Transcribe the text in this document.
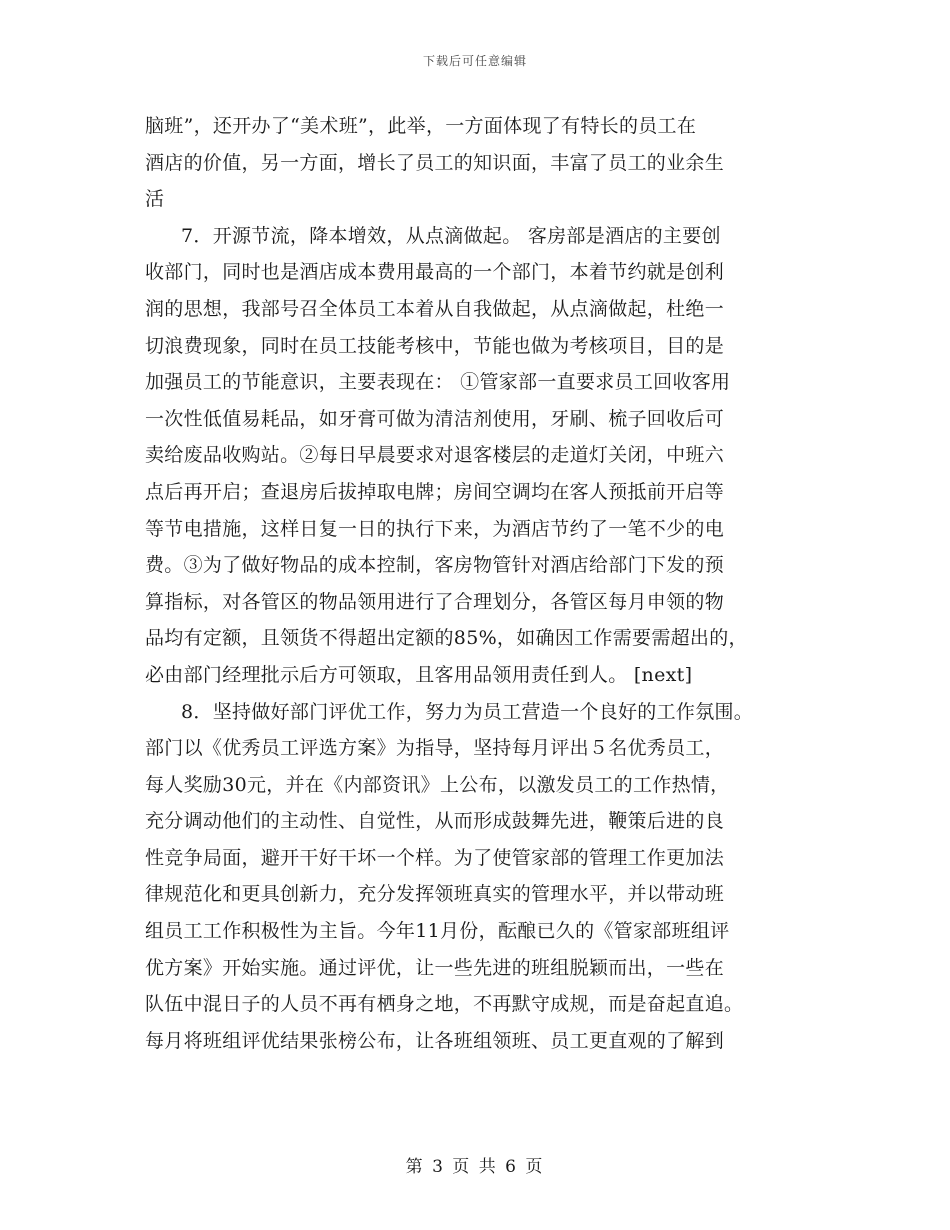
下载后可任意编辑
脑班”，还开办了“美术班”，此举，一方面体现了有特长的员工在
酒店的价值，另一方面，增长了员工的知识面，丰富了员工的业余生
活
7．开源节流，降本增效，从点滴做起。 客房部是酒店的主要创
收部门，同时也是酒店成本费用最高的一个部门，本着节约就是创利
润的思想，我部号召全体员工本着从自我做起，从点滴做起，杜绝一
切浪费现象，同时在员工技能考核中，节能也做为考核项目，目的是
加强员工的节能意识，主要表现在： ①管家部一直要求员工回收客用
一次性低值易耗品，如牙膏可做为清洁剂使用，牙刷、梳子回收后可
卖给废品收购站。②每日早晨要求对退客楼层的走道灯关闭，中班六
点后再开启；查退房后拔掉取电牌；房间空调均在客人预抵前开启等
等节电措施，这样日复一日的执行下来，为酒店节约了一笔不少的电
费。③为了做好物品的成本控制，客房物管针对酒店给部门下发的预
算指标，对各管区的物品领用进行了合理划分，各管区每月申领的物
品均有定额，且领货不得超出定额的85%，如确因工作需要需超出的，
必由部门经理批示后方可领取，且客用品领用责任到人。 [next]
8．坚持做好部门评优工作，努力为员工营造一个良好的工作氛围。
部门以《优秀员工评选方案》为指导，坚持每月评出５名优秀员工，
每人奖励30元，并在《内部资讯》上公布，以激发员工的工作热情，
充分调动他们的主动性、自觉性，从而形成鼓舞先进，鞭策后进的良
性竞争局面，避开干好干坏一个样。为了使管家部的管理工作更加法
律规范化和更具创新力，充分发挥领班真实的管理水平，并以带动班
组员工工作积极性为主旨。今年11月份，酝酿已久的《管家部班组评
优方案》开始实施。通过评优，让一些先进的班组脱颖而出，一些在
队伍中混日子的人员不再有栖身之地，不再默守成规，而是奋起直追。
每月将班组评优结果张榜公布，让各班组领班、员工更直观的了解到
第 3 页 共 6 页
